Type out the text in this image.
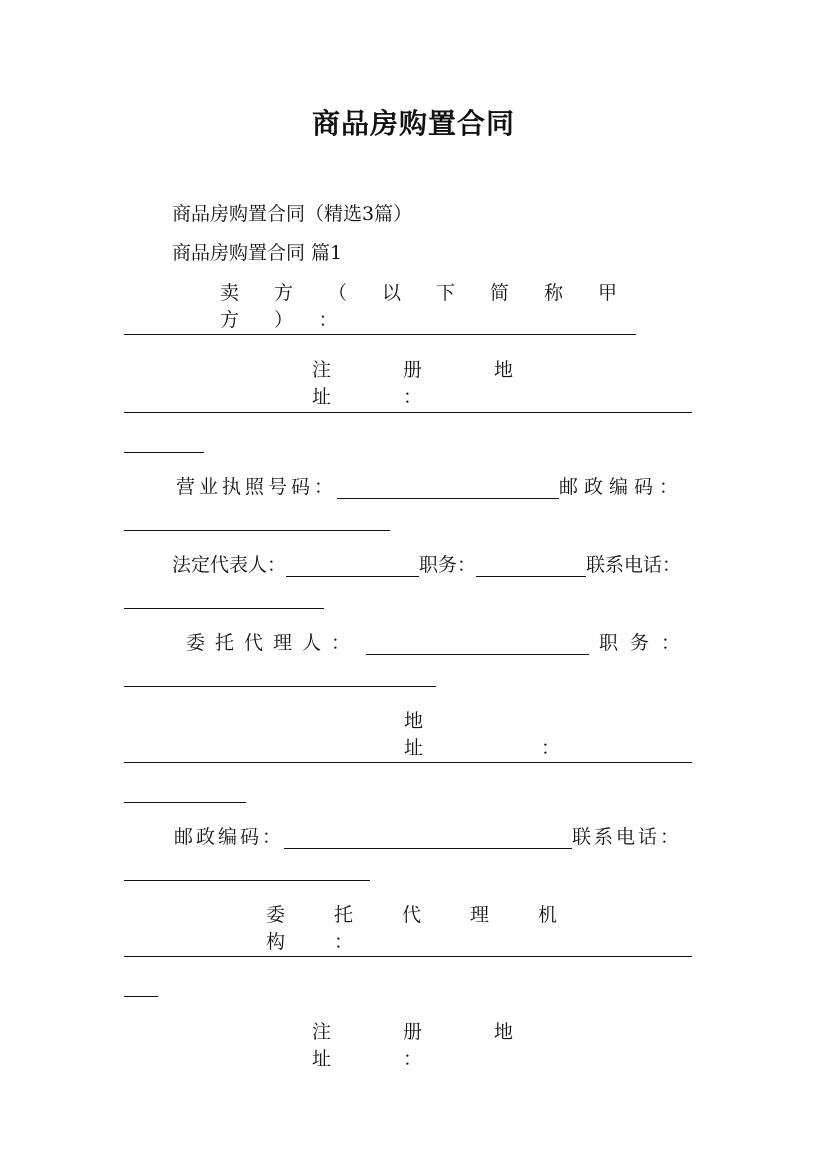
商品房购置合同
商品房购置合同（精选3篇）
商品房购置合同 篇1
卖方（以下简称甲方）：
注册地址：
营业执照号码：	邮政编码：
法定代表人：	职务：	联系电话：
委托代理人：	职务：
地址：
邮政编码：	联系电话：
委托代理机构：
注册地址：
